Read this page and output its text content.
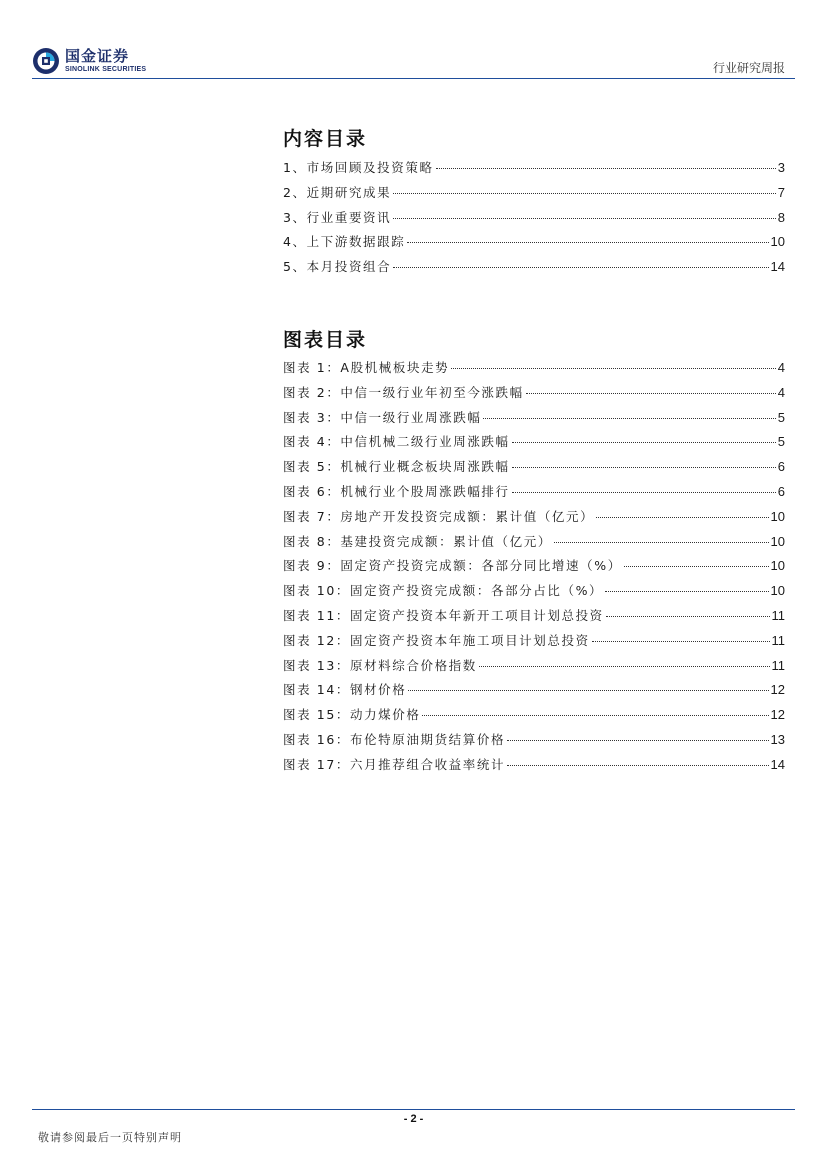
国金证券
SINOLINK SECURITIES	行业研究周报
内容目录
1、市场回顾及投资策略	3
2、近期研究成果	7
3、行业重要资讯	8
4、上下游数据跟踪	10
5、本月投资组合	14
图表目录
图表 1：A股机械板块走势	4
图表 2：中信一级行业年初至今涨跌幅	4
图表 3：中信一级行业周涨跌幅	5
图表 4：中信机械二级行业周涨跌幅	5
图表 5：机械行业概念板块周涨跌幅	6
图表 6：机械行业个股周涨跌幅排行	6
图表 7：房地产开发投资完成额：累计值（亿元）	10
图表 8：基建投资完成额：累计值（亿元）	10
图表 9：固定资产投资完成额：各部分同比增速（%）	10
图表 10：固定资产投资完成额：各部分占比（%）	10
图表 11：固定资产投资本年新开工项目计划总投资	11
图表 12：固定资产投资本年施工项目计划总投资	11
图表 13：原材料综合价格指数	11
图表 14：钢材价格	12
图表 15：动力煤价格	12
图表 16：布伦特原油期货结算价格	13
图表 17：六月推荐组合收益率统计	14
- 2 -
敬请参阅最后一页特别声明
